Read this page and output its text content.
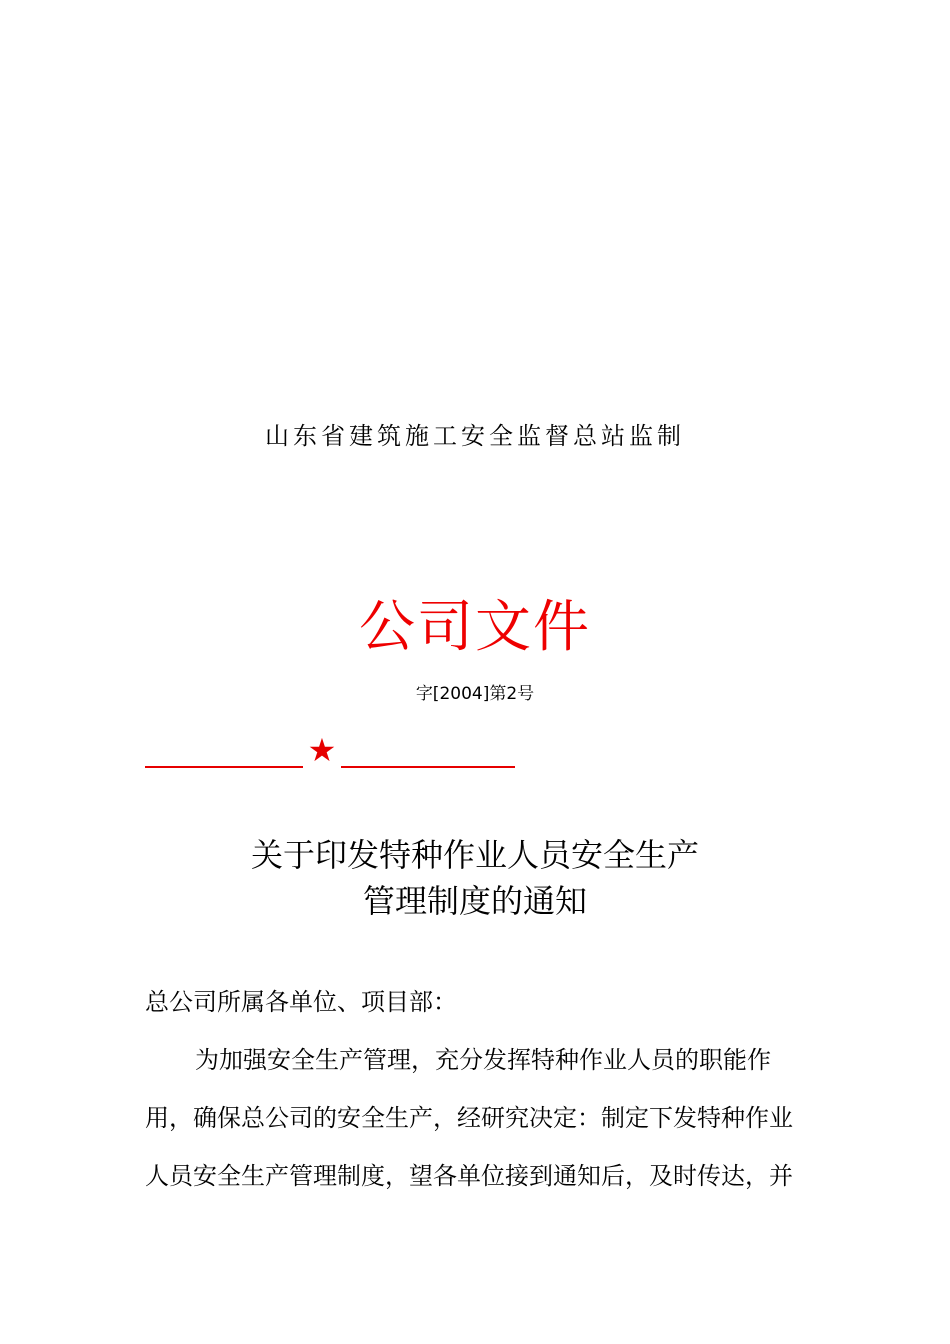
山东省建筑施工安全监督总站监制
公司文件
字[2004]第2号
★
关于印发特种作业人员安全生产
管理制度的通知
总公司所属各单位、项目部：
为加强安全生产管理，充分发挥特种作业人员的职能作
用，确保总公司的安全生产，经研究决定：制定下发特种作业
人员安全生产管理制度，望各单位接到通知后，及时传达，并
